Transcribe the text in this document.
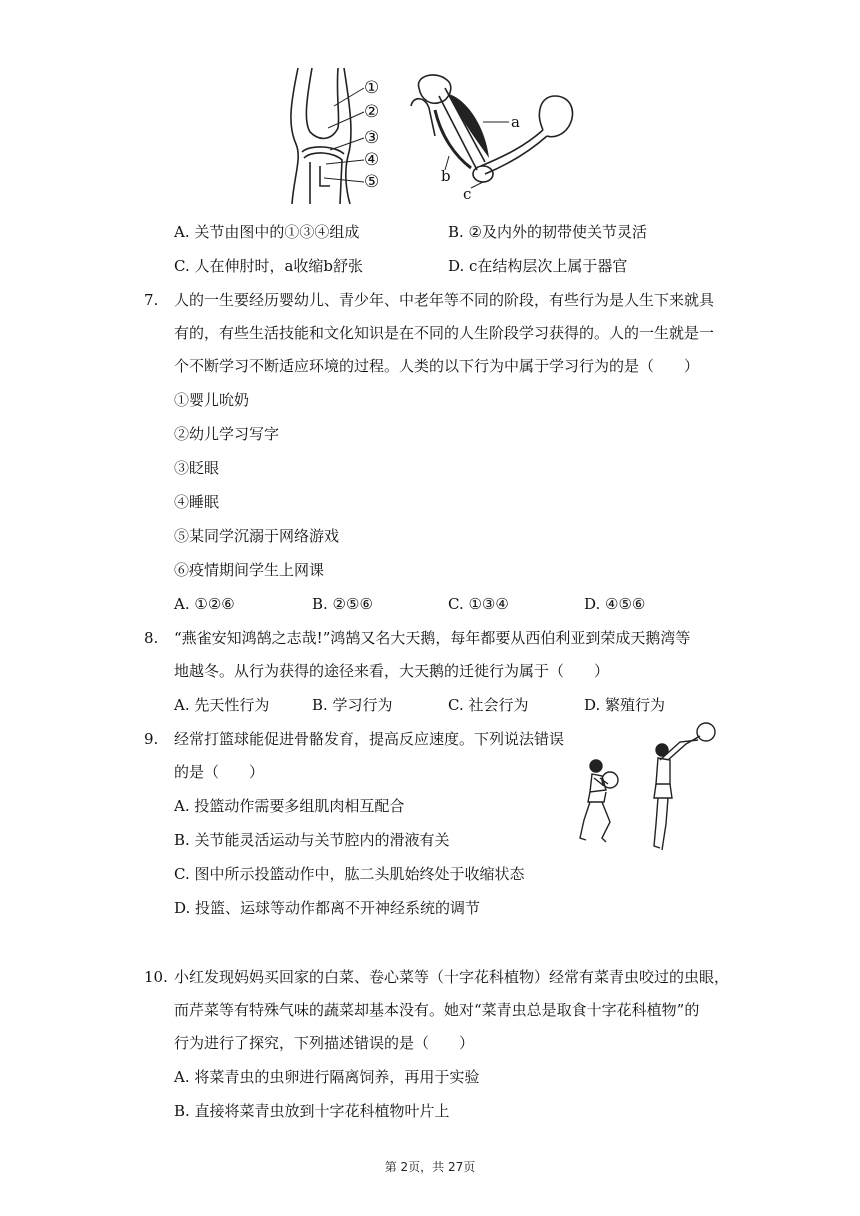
①
②
③
④
⑤
a
b
c
A. 关节由图中的①③④组成	B. ②及内外的韧带使关节灵活
C. 人在伸肘时，a收缩b舒张	D. c在结构层次上属于器官
7. 人的一生要经历婴幼儿、青少年、中老年等不同的阶段，有些行为是人生下来就具
有的，有些生活技能和文化知识是在不同的人生阶段学习获得的。人的一生就是一
个不断学习不断适应环境的过程。人类的以下行为中属于学习行为的是（　　）
①婴儿吮奶
②幼儿学习写字
③眨眼
④睡眠
⑤某同学沉溺于网络游戏
⑥疫情期间学生上网课
A. ①②⑥	B. ②⑤⑥	C. ①③④	D. ④⑤⑥
8. “燕雀安知鸿鹄之志哉!”鸿鹄又名大天鹅，每年都要从西伯利亚到荣成天鹅湾等
地越冬。从行为获得的途径来看，大天鹅的迁徙行为属于（　　）
A. 先天性行为	B. 学习行为	C. 社会行为	D. 繁殖行为
9. 经常打篮球能促进骨骼发育，提高反应速度。下列说法错误
的是（　　）
A. 投篮动作需要多组肌肉相互配合
B. 关节能灵活运动与关节腔内的滑液有关
C. 图中所示投篮动作中，肱二头肌始终处于收缩状态
D. 投篮、运球等动作都离不开神经系统的调节
10. 小红发现妈妈买回家的白菜、卷心菜等（十字花科植物）经常有菜青虫咬过的虫眼，
而芹菜等有特殊气味的蔬菜却基本没有。她对“菜青虫总是取食十字花科植物”的
行为进行了探究，下列描述错误的是（　　）
A. 将菜青虫的虫卵进行隔离饲养，再用于实验
B. 直接将菜青虫放到十字花科植物叶片上
第 2页，共 27页
